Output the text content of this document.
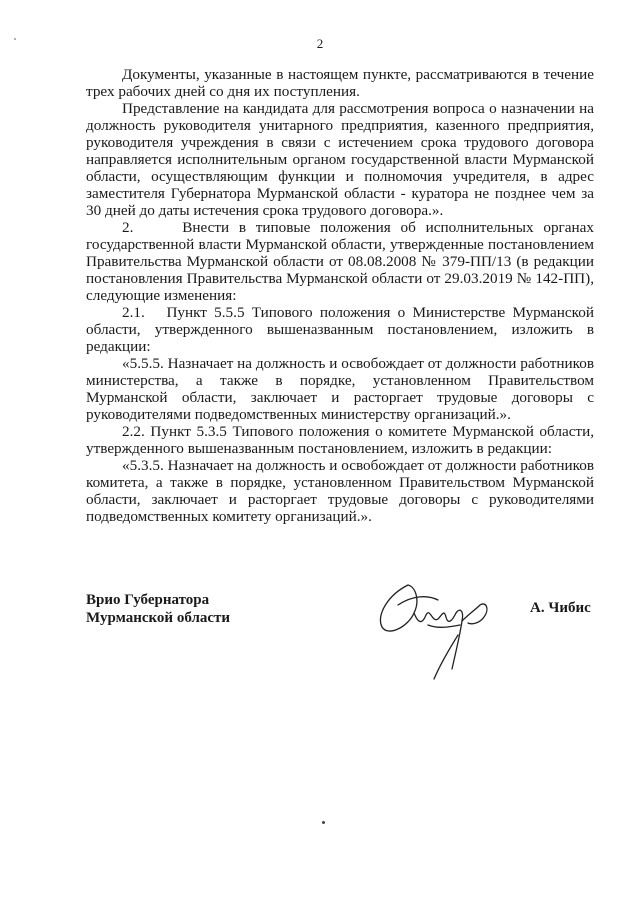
2

Документы, указанные в настоящем пункте, рассматриваются в течение трех рабочих дней со дня их поступления.

Представление на кандидата для рассмотрения вопроса о назначении на должность руководителя унитарного предприятия, казенного предприятия, руководителя учреждения в связи с истечением срока трудового договора направляется исполнительным органом государственной власти Мурманской области, осуществляющим функции и полномочия учредителя, в адрес заместителя Губернатора Мурманской области - куратора не позднее чем за 30 дней до даты истечения срока трудового договора.».

2.     Внести в типовые положения об исполнительных органах государственной власти Мурманской области, утвержденные постановлением Правительства Мурманской области от 08.08.2008 № 379-ПП/13 (в редакции постановления Правительства Мурманской области от 29.03.2019 № 142-ПП), следующие изменения:

2.1.   Пункт 5.5.5 Типового положения о Министерстве Мурманской области, утвержденного вышеназванным постановлением, изложить в редакции:

«5.5.5. Назначает на должность и освобождает от должности работников министерства, а также в порядке, установленном Правительством Мурманской области, заключает и расторгает трудовые договоры с руководителями подведомственных министерству организаций.».

2.2. Пункт 5.3.5 Типового положения о комитете Мурманской области, утвержденного вышеназванным постановлением, изложить в редакции:

«5.3.5. Назначает на должность и освобождает от должности работников комитета, а также в порядке, установленном Правительством Мурманской области, заключает и расторгает трудовые договоры с руководителями подведомственных комитету организаций.».

Врио Губернатора
Мурманской области
А. Чибис
